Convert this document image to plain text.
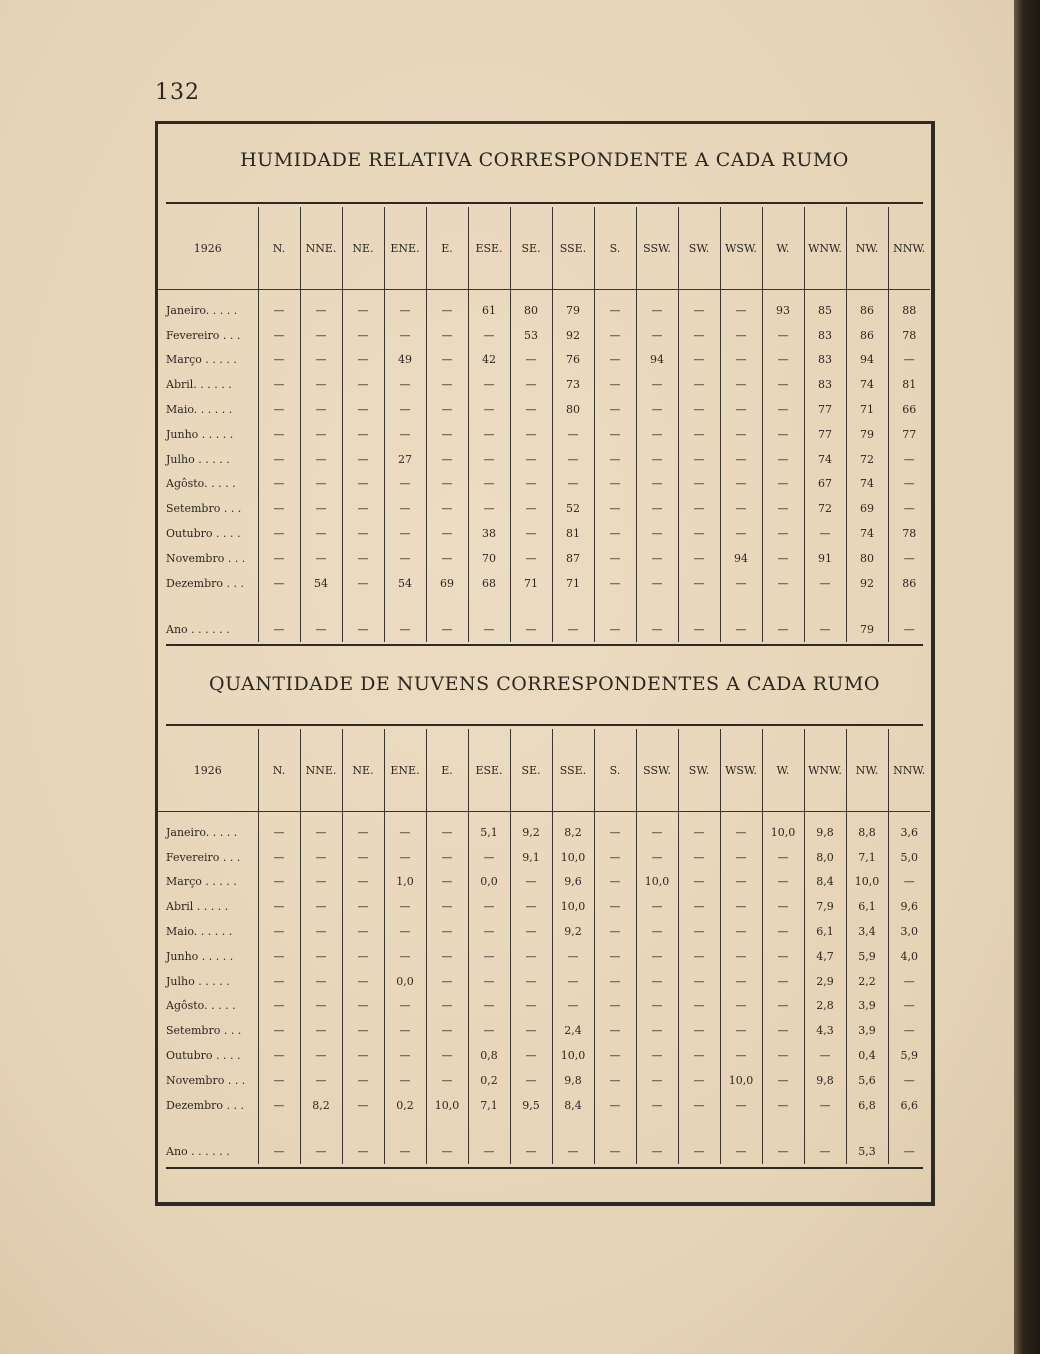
132
HUMIDADE RELATIVA CORRESPONDENTE A CADA RUMO
1926	N.	NNE.	NE.	ENE.	E.	ESE.	SE.	SSE.	S.	SSW.	SW.	WSW.	W.	WNW.	NW.	NNW.

Janeiro. . . . .	—	—	—	—	—	61	80	79	—	—	—	—	93	85	86	88
Fevereiro . . .	—	—	—	—	—	—	53	92	—	—	—	—	—	83	86	78
Março . . . . .	—	—	—	49	—	42	—	76	—	94	—	—	—	83	94	—
Abril. . . . . .	—	—	—	—	—	—	—	73	—	—	—	—	—	83	74	81
Maio. . . . . .	—	—	—	—	—	—	—	80	—	—	—	—	—	77	71	66
Junho . . . . .	—	—	—	—	—	—	—	—	—	—	—	—	—	77	79	77
Julho . . . . .	—	—	—	27	—	—	—	—	—	—	—	—	—	74	72	—
Agôsto. . . . .	—	—	—	—	—	—	—	—	—	—	—	—	—	67	74	—
Setembro . . .	—	—	—	—	—	—	—	52	—	—	—	—	—	72	69	—
Outubro . . . .	—	—	—	—	—	38	—	81	—	—	—	—	—	—	74	78
Novembro . . .	—	—	—	—	—	70	—	87	—	—	—	94	—	91	80	—
Dezembro . . .	—	54	—	54	69	68	71	71	—	—	—	—	—	—	92	86
Ano . . . . . .	—	—	—	—	—	—	—	—	—	—	—	—	—	—	79	—
QUANTIDADE DE NUVENS CORRESPONDENTES A CADA RUMO
1926	N.	NNE.	NE.	ENE.	E.	ESE.	SE.	SSE.	S.	SSW.	SW.	WSW.	W.	WNW.	NW.	NNW.

Janeiro. . . . .	—	—	—	—	—	5,1	9,2	8,2	—	—	—	—	10,0	9,8	8,8	3,6
Fevereiro . . .	—	—	—	—	—	—	9,1	10,0	—	—	—	—	—	8,0	7,1	5,0
Março . . . . .	—	—	—	1,0	—	0,0	—	9,6	—	10,0	—	—	—	8,4	10,0	—
Abril . . . . .	—	—	—	—	—	—	—	10,0	—	—	—	—	—	7,9	6,1	9,6
Maio. . . . . .	—	—	—	—	—	—	—	9,2	—	—	—	—	—	6,1	3,4	3,0
Junho . . . . .	—	—	—	—	—	—	—	—	—	—	—	—	—	4,7	5,9	4,0
Julho . . . . .	—	—	—	0,0	—	—	—	—	—	—	—	—	—	2,9	2,2	—
Agôsto. . . . .	—	—	—	—	—	—	—	—	—	—	—	—	—	2,8	3,9	—
Setembro . . .	—	—	—	—	—	—	—	2,4	—	—	—	—	—	4,3	3,9	—
Outubro . . . .	—	—	—	—	—	0,8	—	10,0	—	—	—	—	—	—	0,4	5,9
Novembro . . .	—	—	—	—	—	0,2	—	9,8	—	—	—	10,0	—	9,8	5,6	—
Dezembro . . .	—	8,2	—	0,2	10,0	7,1	9,5	8,4	—	—	—	—	—	—	6,8	6,6
Ano . . . . . .	—	—	—	—	—	—	—	—	—	—	—	—	—	—	5,3	—
